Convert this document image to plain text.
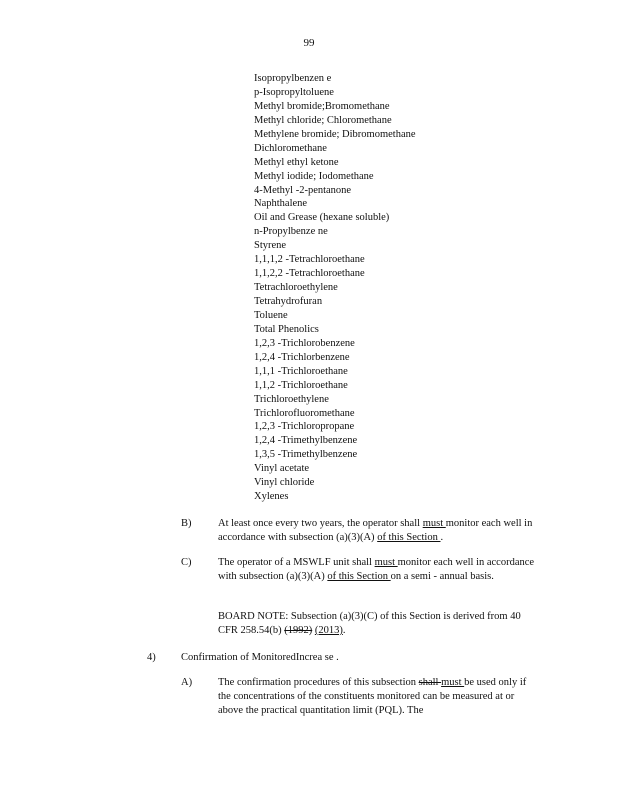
99
Isopropylbenzen e
p-Isopropyltoluene
Methyl bromide;Bromomethane
Methyl chloride; Chloromethane
Methylene bromide; Dibromomethane
Dichloromethane
Methyl ethyl ketone
Methyl iodide; Iodomethane
4-Methyl -2-pentanone
Naphthalene
Oil and Grease (hexane soluble)
n-Propylbenze ne
Styrene
1,1,1,2 -Tetrachloroethane
1,1,2,2 -Tetrachloroethane
Tetrachloroethylene
Tetrahydrofuran
Toluene
Total Phenolics
1,2,3 -Trichlorobenzene
1,2,4 -Trichlorbenzene
1,1,1 -Trichloroethane
1,1,2 -Trichloroethane
Trichloroethylene
Trichlorofluoromethane
1,2,3 -Trichloropropane
1,2,4 -Trimethylbenzene
1,3,5 -Trimethylbenzene
Vinyl acetate
Vinyl chloride
Xylenes
B)	At least once every two years, the operator shall must monitor each well in accordance with subsection (a)(3)(A) of this Section .
C)	The operator of a MSWLF unit shall must monitor each well in accordance with subsection (a)(3)(A) of this Section on a semi - annual basis.
BOARD NOTE: Subsection (a)(3)(C) of this Section is derived from 40 CFR 258.54(b) (1992) (2013).
4) Confirmation of MonitoredIncrea se .
A) The confirmation procedures of this subsection shall must be used only if the concentrations of the constituents monitored can be measured at or above the practical quantitation limit (PQL). The
